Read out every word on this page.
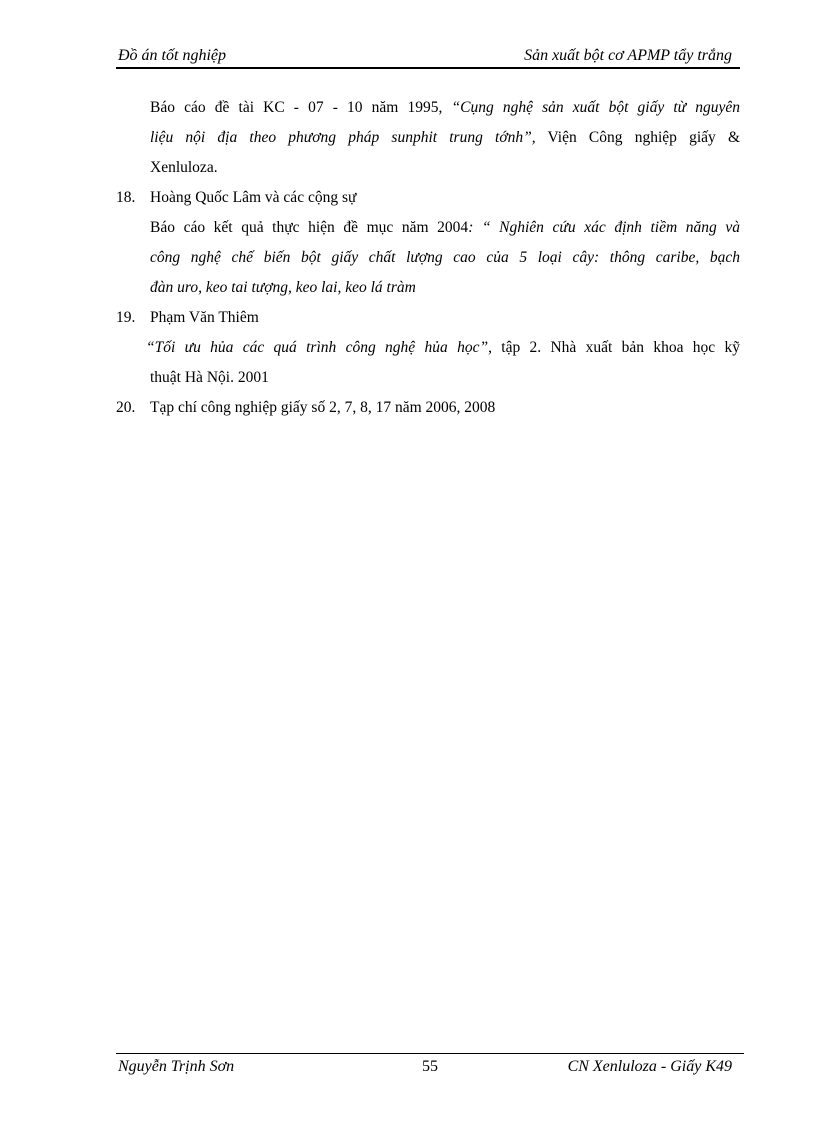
Đồ án tốt nghiệp	Sản xuất bột cơ APMP tẩy trắng
Báo cáo đề tài KC - 07 - 10 năm 1995, “Cụng nghệ sản xuất bột giấy từ nguyên
liệu nội địa theo phương pháp sunphit trung tớnh”, Viện Công nghiệp giấy &
Xenluloza.
18. Hoàng Quốc Lâm và các cộng sự
Báo cáo kết quả thực hiện đề mục năm 2004: “ Nghiên cứu xác định tiềm năng và
công nghệ chế biến bột giấy chất lượng cao của 5 loại cây: thông caribe, bạch
đàn uro, keo tai tượng, keo lai, keo lá tràm
19. Phạm Văn Thiêm
“Tối ưu hủa các quá trình công nghệ hủa học”, tập 2. Nhà xuất bản khoa học kỹ
thuật Hà Nội. 2001
20. Tạp chí công nghiệp giấy số 2, 7, 8, 17 năm 2006, 2008
Nguyễn Trịnh Sơn	55	CN Xenluloza - Giấy K49
